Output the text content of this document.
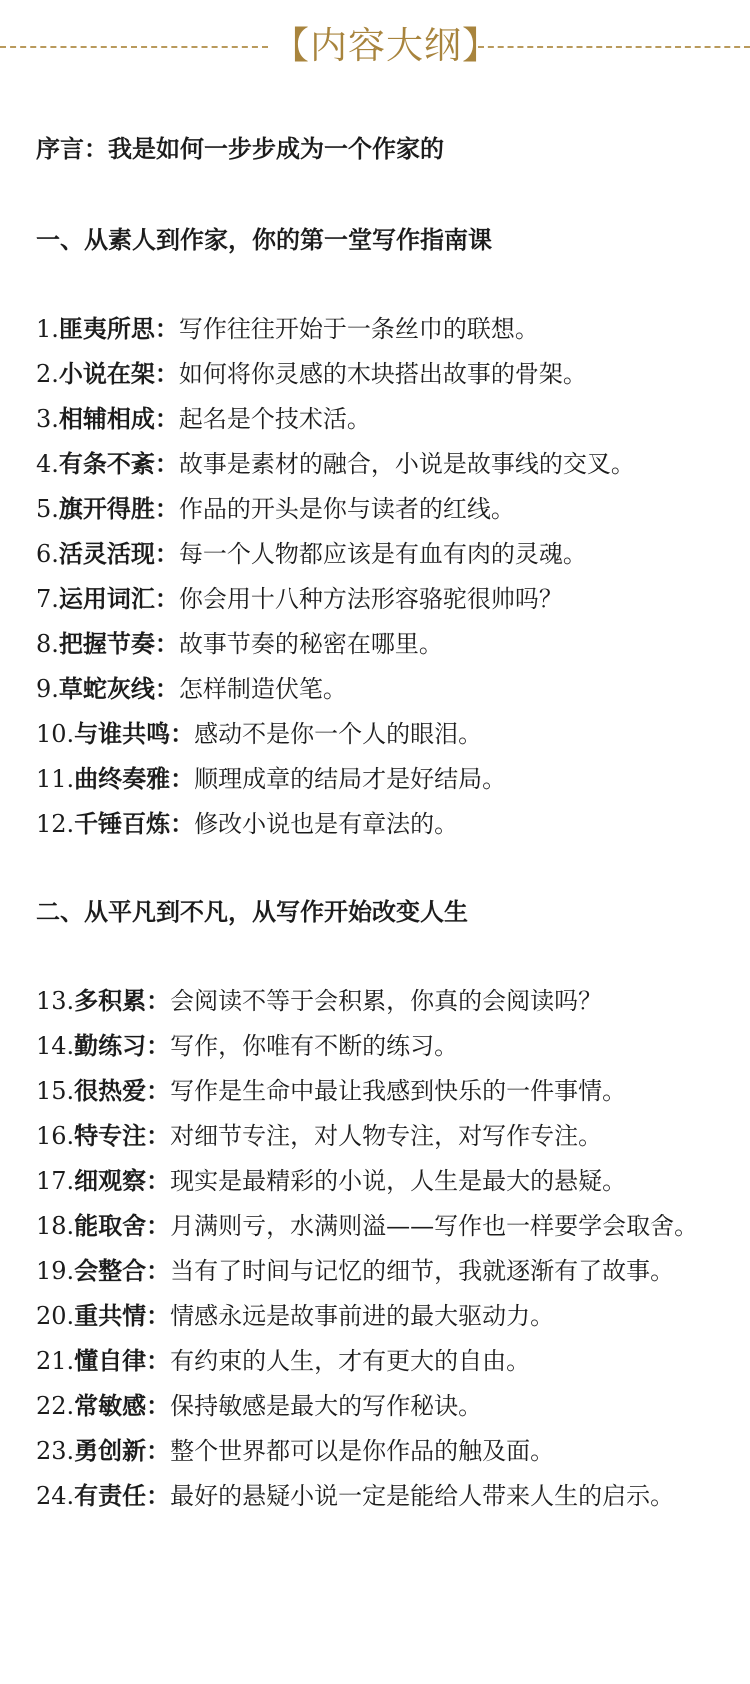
【内容大纲】
序言：我是如何一步步成为一个作家的
一、从素人到作家，你的第一堂写作指南课
1.匪夷所思：写作往往开始于一条丝巾的联想。
2.小说在架：如何将你灵感的木块搭出故事的骨架。
3.相辅相成：起名是个技术活。
4.有条不紊：故事是素材的融合，小说是故事线的交叉。
5.旗开得胜：作品的开头是你与读者的红线。
6.活灵活现：每一个人物都应该是有血有肉的灵魂。
7.运用词汇：你会用十八种方法形容骆驼很帅吗？
8.把握节奏：故事节奏的秘密在哪里。
9.草蛇灰线：怎样制造伏笔。
10.与谁共鸣：感动不是你一个人的眼泪。
11.曲终奏雅：顺理成章的结局才是好结局。
12.千锤百炼：修改小说也是有章法的。
二、从平凡到不凡，从写作开始改变人生
13.多积累：会阅读不等于会积累，你真的会阅读吗？
14.勤练习：写作，你唯有不断的练习。
15.很热爱：写作是生命中最让我感到快乐的一件事情。
16.特专注：对细节专注，对人物专注，对写作专注。
17.细观察：现实是最精彩的小说，人生是最大的悬疑。
18.能取舍：月满则亏，水满则溢——写作也一样要学会取舍。
19.会整合：当有了时间与记忆的细节，我就逐渐有了故事。
20.重共情：情感永远是故事前进的最大驱动力。
21.懂自律：有约束的人生，才有更大的自由。
22.常敏感：保持敏感是最大的写作秘诀。
23.勇创新：整个世界都可以是你作品的触及面。
24.有责任：最好的悬疑小说一定是能给人带来人生的启示。
